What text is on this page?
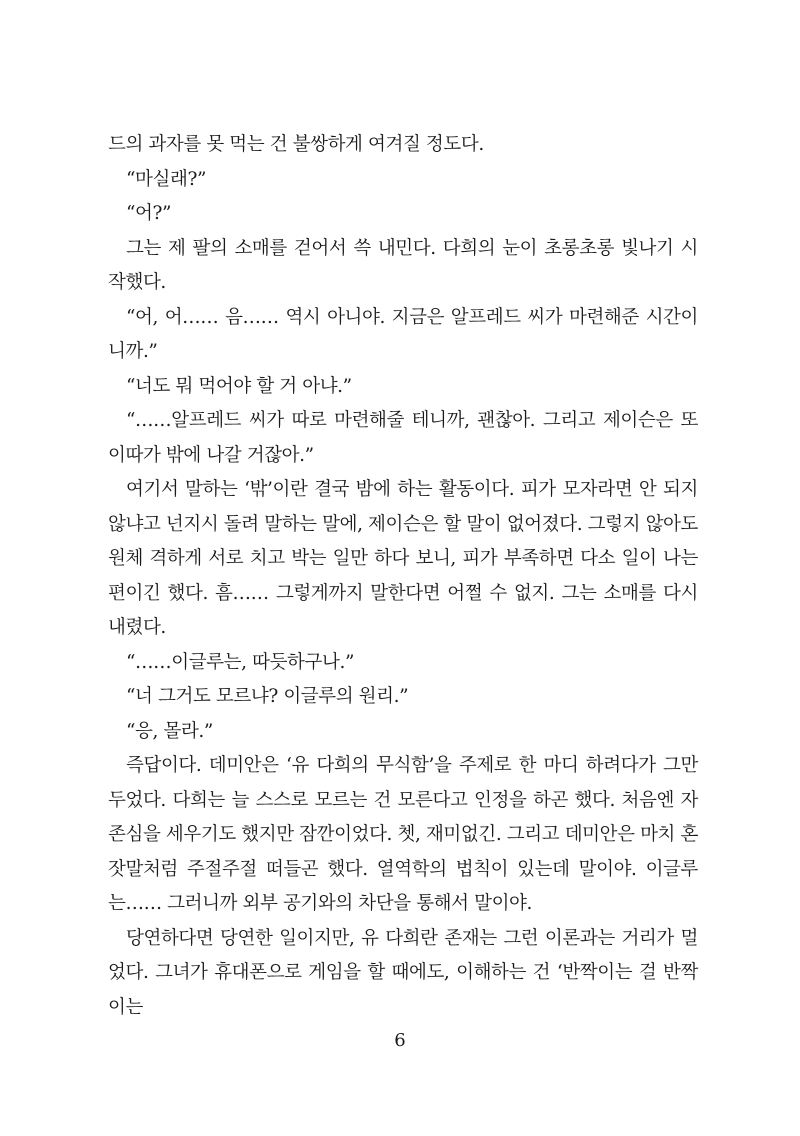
드의 과자를 못 먹는 건 불쌍하게 여겨질 정도다.

“마실래?”

“어?”

그는 제 팔의 소매를 걷어서 쓱 내민다. 다희의 눈이 초롱초롱 빛나기 시작했다.

“어, 어…… 음…… 역시 아니야. 지금은 알프레드 씨가 마련해준 시간이니까.”

“너도 뭐 먹어야 할 거 아냐.”

“……알프레드 씨가 따로 마련해줄 테니까, 괜찮아. 그리고 제이슨은 또 이따가 밖에 나갈 거잖아.”

여기서 말하는 ‘밖’이란 결국 밤에 하는 활동이다. 피가 모자라면 안 되지 않냐고 넌지시 돌려 말하는 말에, 제이슨은 할 말이 없어졌다. 그렇지 않아도 원체 격하게 서로 치고 박는 일만 하다 보니, 피가 부족하면 다소 일이 나는 편이긴 했다. 흠…… 그렇게까지 말한다면 어쩔 수 없지. 그는 소매를 다시 내렸다.

“……이글루는, 따듯하구나.”

“너 그거도 모르냐? 이글루의 원리.”

“응, 몰라.”

즉답이다. 데미안은 ‘유 다희의 무식함’을 주제로 한 마디 하려다가 그만두었다. 다희는 늘 스스로 모르는 건 모른다고 인정을 하곤 했다. 처음엔 자존심을 세우기도 했지만 잠깐이었다. 쳇, 재미없긴. 그리고 데미안은 마치 혼잣말처럼 주절주절 떠들곤 했다. 열역학의 법칙이 있는데 말이야. 이글루는…… 그러니까 외부 공기와의 차단을 통해서 말이야.

당연하다면 당연한 일이지만, 유 다희란 존재는 그런 이론과는 거리가 멀었다. 그녀가 휴대폰으로 게임을 할 때에도, 이해하는 건 ‘반짝이는 걸 반짝이는

6
